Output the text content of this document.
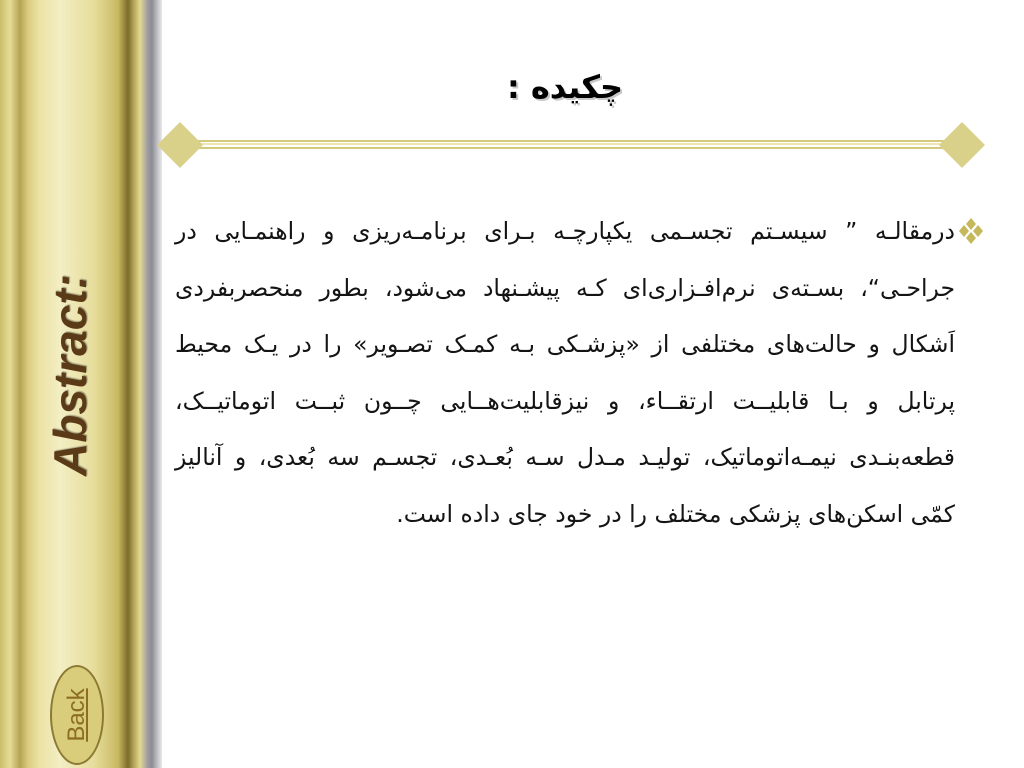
Abstract:
Back
چکیده :
درمقالـه ” سیسـتم تجسـمی یکپارچـه بـرای برنامـه‌ریزی و راهنمـایی در جراحـی“، بسـته‌ی نرم‌افـزاری‌ای کـه پیشـنهاد می‌شود، بطور منحصربفردی اَشکال و حالت‌های مختلفی از «پزشـکی بـه کمـک تصـویر» را در یـک محیط پرتابل و بـا قابلیــت ارتقــاء، و نیزقابلیت‌هــایی چــون ثبــت اتوماتیــک، قطعه‌بنـدی نیمـه‌اتوماتیک، تولیـد مـدل سـه بُعـدی، تجسـم سه بُعدی، و آنالیز کمّی اسکن‌های پزشکی مختلف را در خود جای داده است.
